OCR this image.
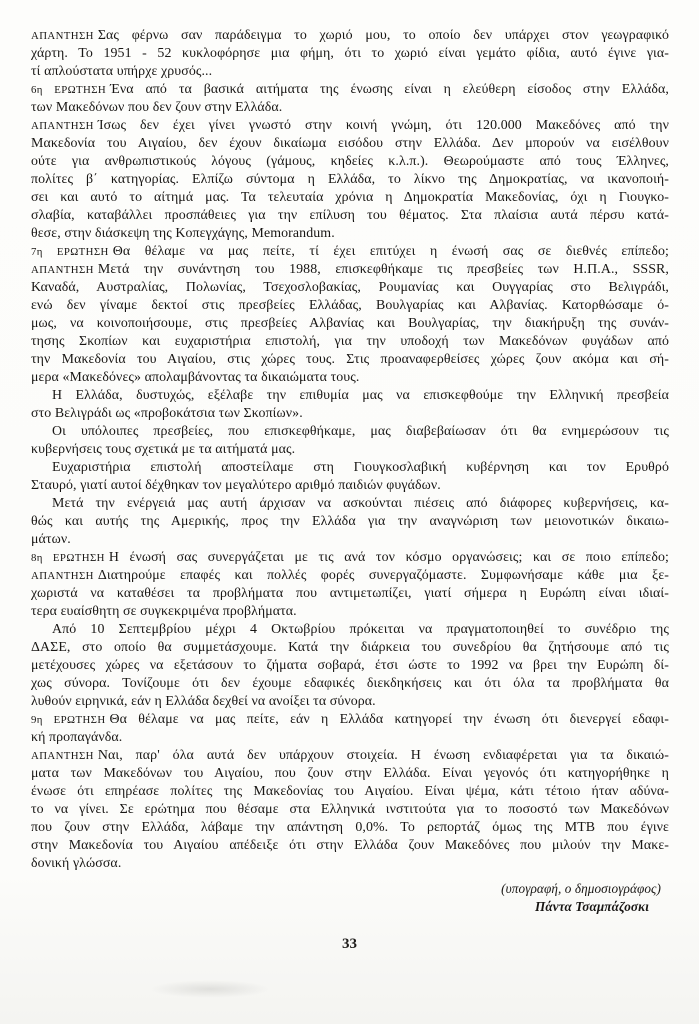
ΑΠΑΝΤΗΣΗ Σας φέρνω σαν παράδειγμα το χωριό μου, το οποίο δεν υπάρχει στον γεωγραφικό
χάρτη. Το 1951 - 52 κυκλοφόρησε μια φήμη, ότι το χωριό είναι γεμάτο φίδια, αυτό έγινε για-
τί απλούστατα υπήρχε χρυσός...
6η ΕΡΩΤΗΣΗ Ένα από τα βασικά αιτήματα της ένωσης είναι η ελεύθερη είσοδος στην Ελλάδα,
των Μακεδόνων που δεν ζουν στην Ελλάδα.
ΑΠΑΝΤΗΣΗ Ίσως δεν έχει γίνει γνωστό στην κοινή γνώμη, ότι 120.000 Μακεδόνες από την
Μακεδονία του Αιγαίου, δεν έχουν δικαίωμα εισόδου στην Ελλάδα. Δεν μπορούν να εισέλθουν
ούτε για ανθρωπιστικούς λόγους (γάμους, κηδείες κ.λ.π.). Θεωρούμαστε από τους Έλληνες,
πολίτες β΄ κατηγορίας. Ελπίζω σύντομα η Ελλάδα, το λίκνο της Δημοκρατίας, να ικανοποιή-
σει και αυτό το αίτημά μας. Τα τελευταία χρόνια η Δημοκρατία Μακεδονίας, όχι η Γιουγκο-
σλαβία, καταβάλλει προσπάθειες για την επίλυση του θέματος. Στα πλαίσια αυτά πέρσυ κατά-
θεσε, στην διάσκεψη της Κοπεγχάγης, Memorandum.
7η ΕΡΩΤΗΣΗ Θα θέλαμε να μας πείτε, τί έχει επιτύχει η ένωσή σας σε διεθνές επίπεδο;
ΑΠΑΝΤΗΣΗ Μετά την συνάντηση του 1988, επισκεφθήκαμε τις πρεσβείες των Η.Π.Α., SSSR,
Καναδά, Αυστραλίας, Πολωνίας, Τσεχοσλοβακίας, Ρουμανίας και Ουγγαρίας στο Βελιγράδι,
ενώ δεν γίναμε δεκτοί στις πρεσβείες Ελλάδας, Βουλγαρίας και Αλβανίας. Κατορθώσαμε ό-
μως, να κοινοποιήσουμε, στις πρεσβείες Αλβανίας και Βουλγαρίας, την διακήρυξη της συνάν-
τησης Σκοπίων και ευχαριστήρια επιστολή, για την υποδοχή των Μακεδόνων φυγάδων από
την Μακεδονία του Αιγαίου, στις χώρες τους. Στις προαναφερθείσες χώρες ζουν ακόμα και σή-
μερα «Μακεδόνες» απολαμβάνοντας τα δικαιώματα τους.
Η Ελλάδα, δυστυχώς, εξέλαβε την επιθυμία μας να επισκεφθούμε την Ελληνική πρεσβεία
στο Βελιγράδι ως «προβοκάτσια των Σκοπίων».
Οι υπόλοιπες πρεσβείες, που επισκεφθήκαμε, μας διαβεβαίωσαν ότι θα ενημερώσουν τις
κυβερνήσεις τους σχετικά με τα αιτήματά μας.
Ευχαριστήρια επιστολή αποστείλαμε στη Γιουγκοσλαβική κυβέρνηση και τον Ερυθρό
Σταυρό, γιατί αυτοί δέχθηκαν τον μεγαλύτερο αριθμό παιδιών φυγάδων.
Μετά την ενέργειά μας αυτή άρχισαν να ασκούνται πιέσεις από διάφορες κυβερνήσεις, κα-
θώς και αυτής της Αμερικής, προς την Ελλάδα για την αναγνώριση των μειονοτικών δικαιω-
μάτων.
8η ΕΡΩΤΗΣΗ Η ένωσή σας συνεργάζεται με τις ανά τον κόσμο οργανώσεις; και σε ποιο επίπεδο;
ΑΠΑΝΤΗΣΗ Διατηρούμε επαφές και πολλές φορές συνεργαζόμαστε. Συμφωνήσαμε κάθε μια ξε-
χωριστά να καταθέσει τα προβλήματα που αντιμετωπίζει, γιατί σήμερα η Ευρώπη είναι ιδιαί-
τερα ευαίσθητη σε συγκεκριμένα προβλήματα.
Από 10 Σεπτεμβρίου μέχρι 4 Οκτωβρίου πρόκειται να πραγματοποιηθεί το συνέδριο της
ΔΑΣΕ, στο οποίο θα συμμετάσχουμε. Κατά την διάρκεια του συνεδρίου θα ζητήσουμε από τις
μετέχουσες χώρες να εξετάσουν το ζήματα σοβαρά, έτσι ώστε το 1992 να βρει την Ευρώπη δί-
χως σύνορα. Τονίζουμε ότι δεν έχουμε εδαφικές διεκδηκήσεις και ότι όλα τα προβλήματα θα
λυθούν ειρηνικά, εάν η Ελλάδα δεχθεί να ανοίξει τα σύνορα.
9η ΕΡΩΤΗΣΗ Θα θέλαμε να μας πείτε, εάν η Ελλάδα κατηγορεί την ένωση ότι διενεργεί εδαφι-
κή προπαγάνδα.
ΑΠΑΝΤΗΣΗ Ναι, παρ' όλα αυτά δεν υπάρχουν στοιχεία. Η ένωση ενδιαφέρεται για τα δικαιώ-
ματα των Μακεδόνων του Αιγαίου, που ζουν στην Ελλάδα. Είναι γεγονός ότι κατηγορήθηκε η
ένωσε ότι επηρέασε πολίτες της Μακεδονίας του Αιγαίου. Είναι ψέμα, κάτι τέτοιο ήταν αδύνα-
το να γίνει. Σε ερώτημα που θέσαμε στα Ελληνικά ινστιτούτα για το ποσοστό των Μακεδόνων
που ζουν στην Ελλάδα, λάβαμε την απάντηση 0,0%. Το ρεπορτάζ όμως της ΜΤΒ που έγινε
στην Μακεδονία του Αιγαίου απέδειξε ότι στην Ελλάδα ζουν Μακεδόνες που μιλούν την Μακε-
δονική γλώσσα.
(υπογραφή, ο δημοσιογράφος)
Πάντα Τσαμπάζοσκι
33
